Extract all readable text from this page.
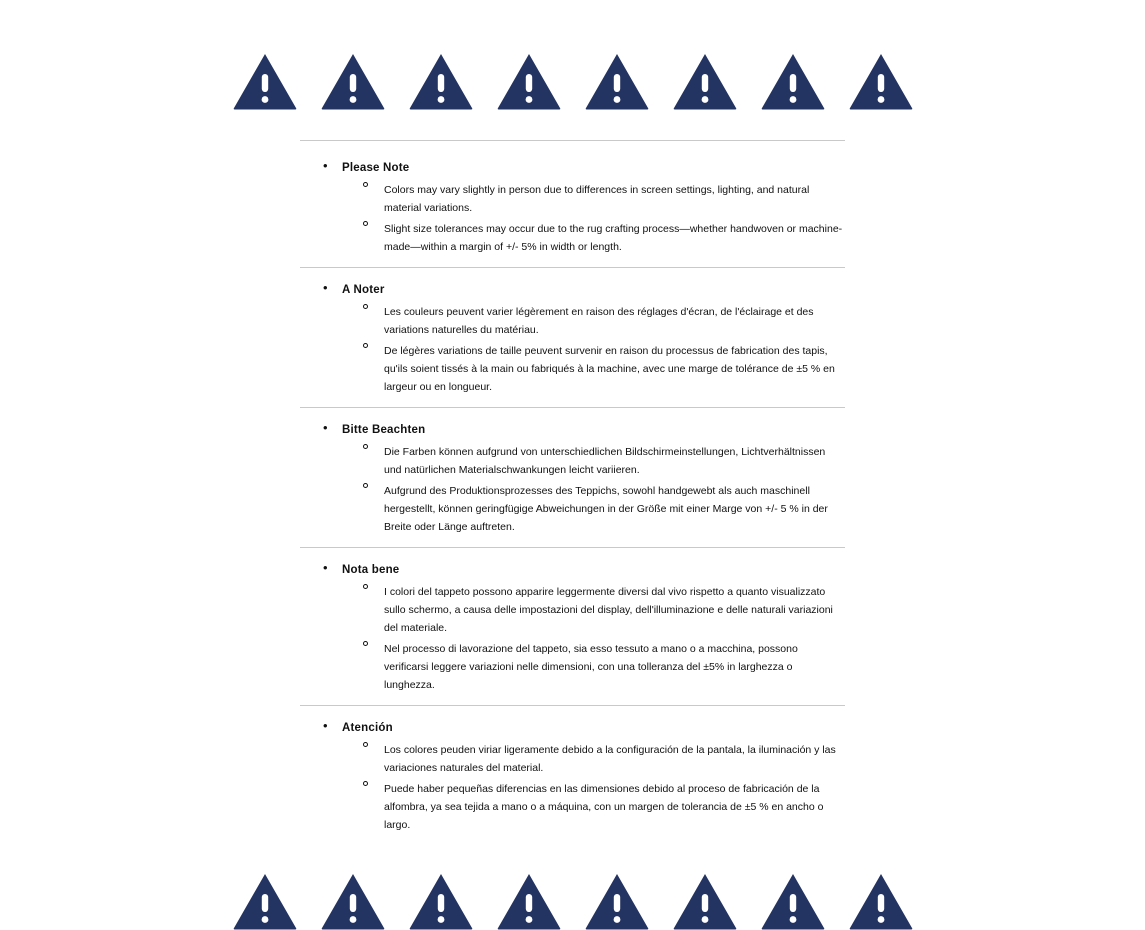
• Please Note
Colors may vary slightly in person due to differences in screen settings, lighting, and natural material variations.
Slight size tolerances may occur due to the rug crafting process—whether handwoven or machine-made—within a margin of +/- 5% in width or length.
• A Noter
Les couleurs peuvent varier légèrement en raison des réglages d'écran, de l'éclairage et des variations naturelles du matériau.
De légères variations de taille peuvent survenir en raison du processus de fabrication des tapis, qu'ils soient tissés à la main ou fabriqués à la machine, avec une marge de tolérance de ±5 % en largeur ou en longueur.
• Bitte Beachten
Die Farben können aufgrund von unterschiedlichen Bildschirmeinstellungen, Lichtverhältnissen und natürlichen Materialschwankungen leicht variieren.
Aufgrund des Produktionsprozesses des Teppichs, sowohl handgewebt als auch maschinell hergestellt, können geringfügige Abweichungen in der Größe mit einer Marge von +/- 5 % in der Breite oder Länge auftreten.
• Nota bene
I colori del tappeto possono apparire leggermente diversi dal vivo rispetto a quanto visualizzato sullo schermo, a causa delle impostazioni del display, dell'illuminazione e delle naturali variazioni del materiale.
Nel processo di lavorazione del tappeto, sia esso tessuto a mano o a macchina, possono verificarsi leggere variazioni nelle dimensioni, con una tolleranza del ±5% in larghezza o lunghezza.
• Atención
Los colores peuden viriar ligeramente debido a la configuración de la pantala, la iluminación y las variaciones naturales del material.
Puede haber pequeñas diferencias en las dimensiones debido al proceso de fabricación de la alfombra, ya sea tejida a mano o a máquina, con un margen de tolerancia de ±5 % en ancho o largo.
